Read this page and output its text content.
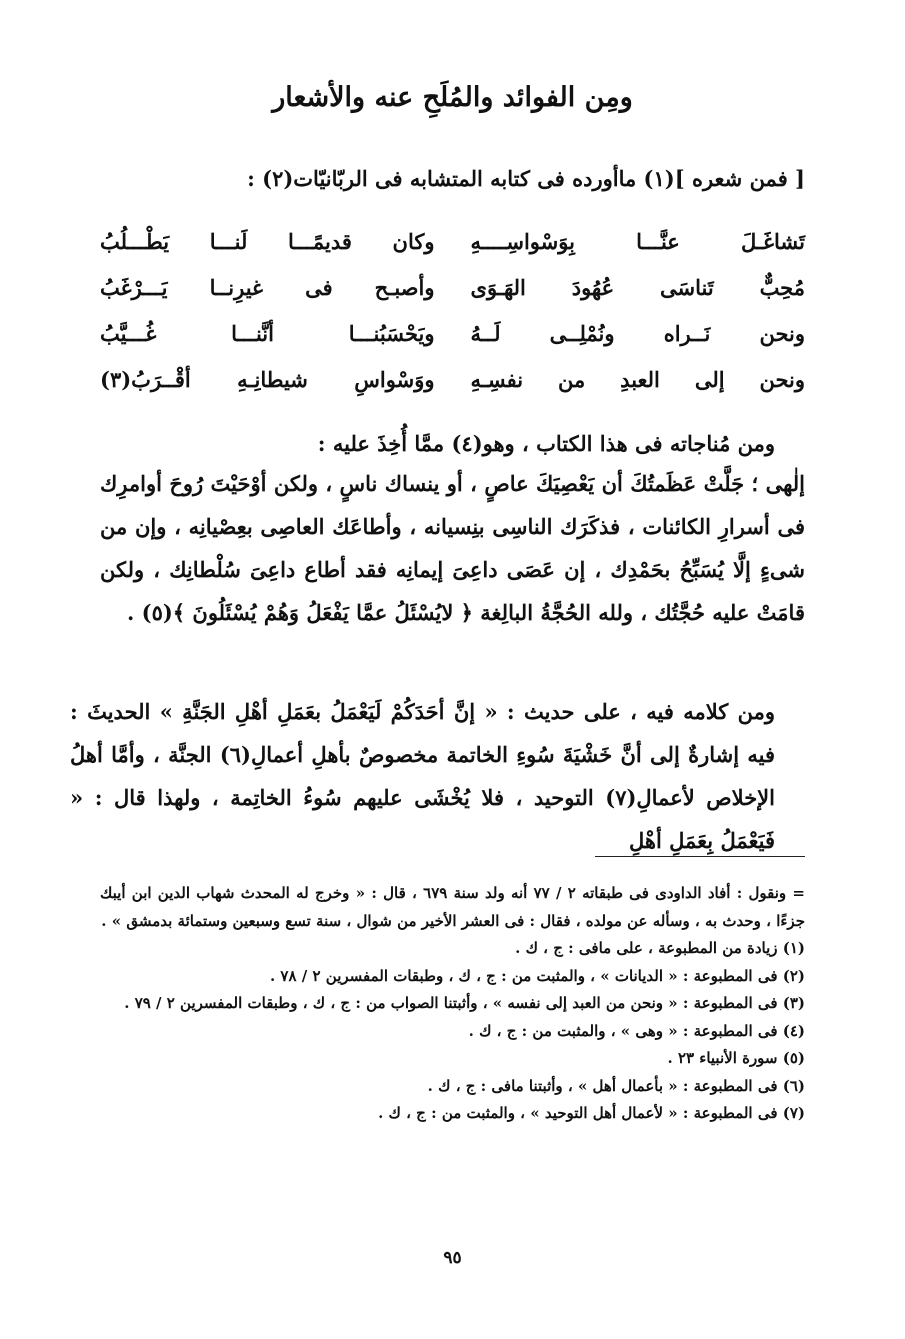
ومِن الفوائد والمُلَحِ عنه والأشعار
[ فمن شعره ](١) ماأورده فى كتابه المتشابه فى الربّانيّات(٢) :
تَشاغَـلَ
عنَّـــا
بِوَسْواسِــــهِ
وكان
قديمًـــا
لَنـــا
يَطْـــلُبُ
مُحِبٌّ
تَناسَى
عُهُودَ
الهَـوَى
وأصبـح
فى
غيرِنــا
يَـــرْغَبُ
ونحن
نَــراه
ونُمْلِــى
لَــهُ
ويَحْسَبُنـــا
أنَّنـــا
غُـــيَّبُ
ونحن
إلى
العبدِ
من
نفسِـهِ
ووَسْواسِ
شيطانِـهِ
أقْــرَبُ(٣)
ومن مُناجاته فى هذا الكتاب ، وهو(٤) ممَّا أُخِذَ عليه :
إلٰهى ؛ جَلَّتْ عَظَمتُكَ أن يَعْصِيَكَ عاصٍ ، أو ينساك ناسٍ ، ولكن أوْحَيْتَ رُوحَ أوامرِك فى أسرارِ الكائنات ، فذكَرَك الناسِى بنِسيانه ، وأطاعَك العاصِى بعِصْيانِه ، وإن من شىءٍ إلَّا يُسَبِّحُ بحَمْدِك ، إن عَصَى داعِىَ إيمانِه فقد أطاع داعِىَ سُلْطانِك ، ولكن قامَتْ عليه حُجَّتُك ، ولله الحُجَّةُ البالِغة ﴿ لايُسْئَلُ عمَّا يَفْعَلُ وَهُمْ يُسْئَلُونَ ﴾(٥) .
ومن كلامه فيه ، على حديث : « إنَّ أحَدَكُمْ لَيَعْمَلُ بعَمَلِ أهْلِ الجَنَّةِ » الحديثَ : فيه إشارةٌ إلى أنَّ خَشْيَةَ سُوءِ الخاتمة مخصوصٌ بأهلِ أعمالِ(٦) الجنَّة ، وأمَّا أهلُ الإخلاص لأعمالِ(٧) التوحيد ، فلا يُخْشَى عليهم سُوءُ الخاتِمة ، ولهذا قال : « فَيَعْمَلُ بِعَمَلِ أهْلِ
= ونقول : أفاد الداودى فى طبقاته ٢ / ٧٧ أنه ولد سنة ٦٧٩ ، قال : « وخرج له المحدث شهاب الدين ابن أيبك جزءًا ، وحدث به ، وسأله عن مولده ، فقال : فى العشر الأخير من شوال ، سنة تسع وسبعين وستمائة بدمشق » .
(١) زيادة من المطبوعة ، على مافى : ج ، ك .
(٢) فى المطبوعة : « الديانات » ، والمثبت من : ج ، ك ، وطبقات المفسرين ٢ / ٧٨ .
(٣) فى المطبوعة : « ونحن من العبد إلى نفسه » ، وأثبتنا الصواب من : ج ، ك ، وطبقات المفسرين ٢ / ٧٩ .
(٤) فى المطبوعة : « وهى » ، والمثبت من : ج ، ك .
(٥) سورة الأنبياء ٢٣ .
(٦) فى المطبوعة : « بأعمال أهل » ، وأثبتنا مافى : ج ، ك .
(٧) فى المطبوعة : « لأعمال أهل التوحيد » ، والمثبت من : ج ، ك .
٩٥
